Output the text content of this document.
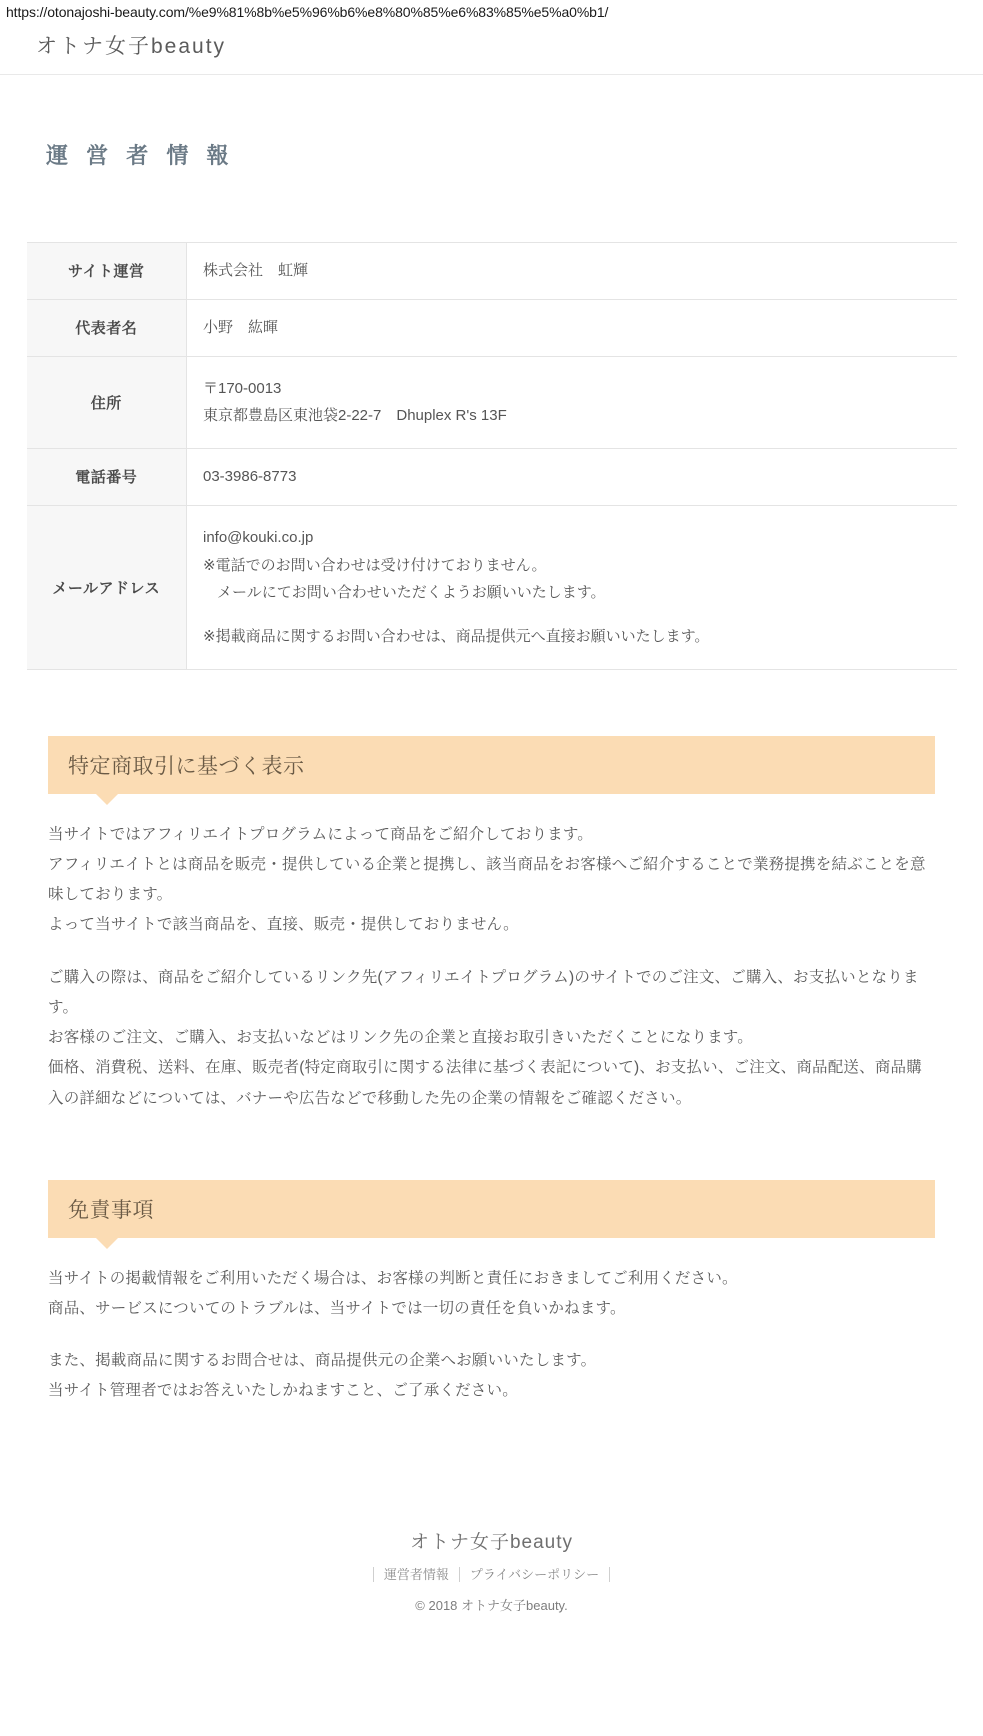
https://otonajoshi-beauty.com/%e9%81%8b%e5%96%b6%e8%80%85%e6%83%85%e5%a0%b1/
オトナ女子beauty
運 営 者 情 報
サイト運営	株式会社　虹輝
代表者名	小野　紘暉
住所	〒170-0013
東京都豊島区東池袋2-22-7　Dhuplex R's 13F

電話番号	03-3986-8773
メールアドレス	info@kouki.co.jp

※電話でのお問い合わせは受け付けておりません。

メールにてお問い合わせいただくようお願いいたします。

※掲載商品に関するお問い合わせは、商品提供元へ直接お願いいたします。

特定商取引に基づく表示

当サイトではアフィリエイトプログラムによって商品をご紹介しております。
アフィリエイトとは商品を販売・提供している企業と提携し、該当商品をお客様へご紹介することで業務提携を結ぶことを意味しております。
よって当サイトで該当商品を、直接、販売・提供しておりません。

ご購入の際は、商品をご紹介しているリンク先(アフィリエイトプログラム)のサイトでのご注文、ご購入、お支払いとなります。
お客様のご注文、ご購入、お支払いなどはリンク先の企業と直接お取引きいただくことになります。
価格、消費税、送料、在庫、販売者(特定商取引に関する法律に基づく表記について)、お支払い、ご注文、商品配送、商品購入の詳細などについては、バナーや広告などで移動した先の企業の情報をご確認ください。

免責事項

当サイトの掲載情報をご利用いただく場合は、お客様の判断と責任におきましてご利用ください。
商品、サービスについてのトラブルは、当サイトでは一切の責任を負いかねます。

また、掲載商品に関するお問合せは、商品提供元の企業へお願いいたします。
当サイト管理者ではお答えいたしかねますこと、ご了承ください。

オトナ女子beauty
運営者情報 プライバシーポリシー
© 2018 オトナ女子beauty.
